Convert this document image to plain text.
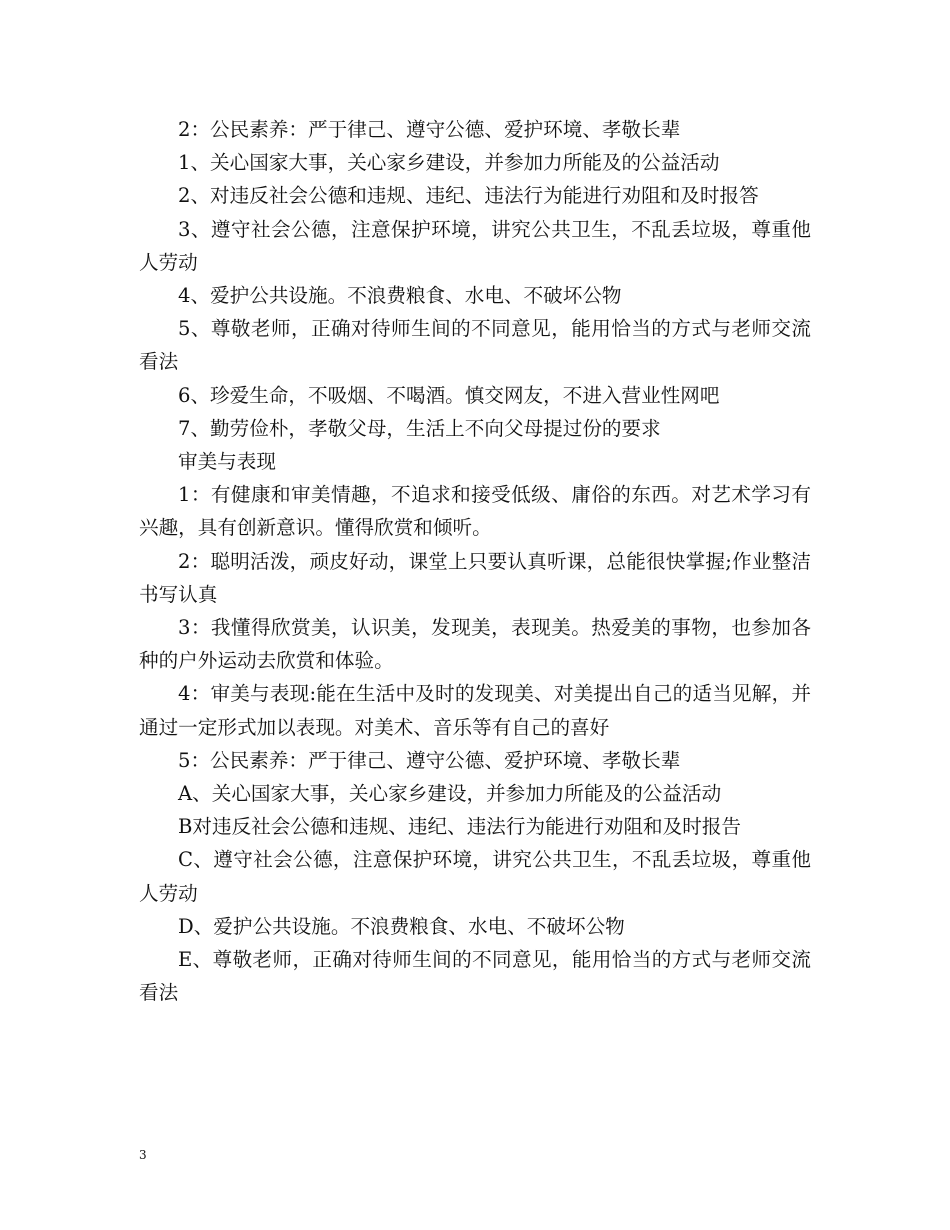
2：公民素养：严于律己、遵守公德、爱护环境、孝敬长辈

1、关心国家大事，关心家乡建设，并参加力所能及的公益活动

2、对违反社会公德和违规、违纪、违法行为能进行劝阻和及时报答

3、遵守社会公德，注意保护环境，讲究公共卫生，不乱丢垃圾，尊重他人劳动

4、爱护公共设施。不浪费粮食、水电、不破坏公物

5、尊敬老师，正确对待师生间的不同意见，能用恰当的方式与老师交流看法

6、珍爱生命，不吸烟、不喝酒。慎交网友，不进入营业性网吧

7、勤劳俭朴，孝敬父母，生活上不向父母提过份的要求

审美与表现

1：有健康和审美情趣，不追求和接受低级、庸俗的东西。对艺术学习有兴趣，具有创新意识。懂得欣赏和倾听。

2：聪明活泼，顽皮好动，课堂上只要认真听课，总能很快掌握;作业整洁书写认真

3：我懂得欣赏美，认识美，发现美，表现美。热爱美的事物，也参加各种的户外运动去欣赏和体验。

4：审美与表现:能在生活中及时的发现美、对美提出自己的适当见解，并通过一定形式加以表现。对美术、音乐等有自己的喜好

5：公民素养：严于律己、遵守公德、爱护环境、孝敬长辈

A、关心国家大事，关心家乡建设，并参加力所能及的公益活动

B对违反社会公德和违规、违纪、违法行为能进行劝阻和及时报告

C、遵守社会公德，注意保护环境，讲究公共卫生，不乱丢垃圾，尊重他人劳动

D、爱护公共设施。不浪费粮食、水电、不破坏公物

E、尊敬老师，正确对待师生间的不同意见，能用恰当的方式与老师交流看法

3
